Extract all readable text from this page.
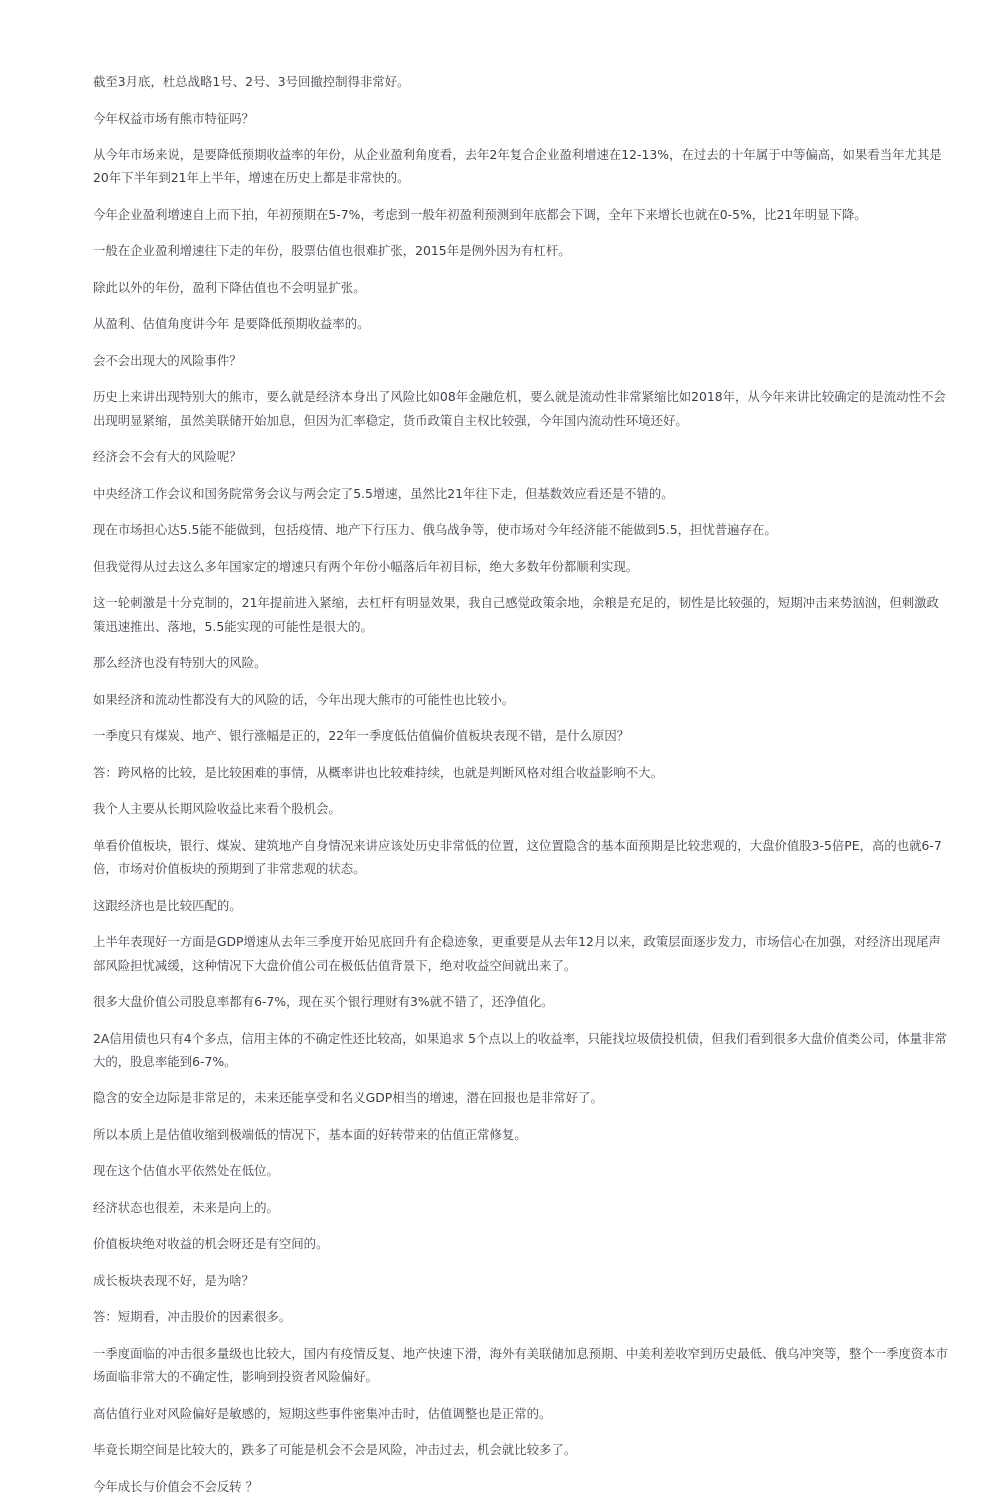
截至3月底，杜总战略1号、2号、3号回撤控制得非常好。

今年权益市场有熊市特征吗？

从今年市场来说，是要降低预期收益率的年份，从企业盈利角度看，去年2年复合企业盈利增速在12-13%，在过去的十年属于中等偏高，如果看当年尤其是20年下半年到21年上半年，增速在历史上都是非常快的。

今年企业盈利增速自上而下拍，年初预期在5-7%，考虑到一般年初盈利预测到年底都会下调，全年下来增长也就在0-5%，比21年明显下降。

一般在企业盈利增速往下走的年份，股票估值也很难扩张，2015年是例外因为有杠杆。

除此以外的年份，盈利下降估值也不会明显扩张。

从盈利、估值角度讲今年 是要降低预期收益率的。

会不会出现大的风险事件？

历史上来讲出现特别大的熊市，要么就是经济本身出了风险比如08年金融危机，要么就是流动性非常紧缩比如2018年，从今年来讲比较确定的是流动性不会出现明显紧缩，虽然美联储开始加息，但因为汇率稳定，货币政策自主权比较强，今年国内流动性环境还好。

经济会不会有大的风险呢？

中央经济工作会议和国务院常务会议与两会定了5.5增速，虽然比21年往下走，但基数效应看还是不错的。

现在市场担心达5.5能不能做到，包括疫情、地产下行压力、俄乌战争等，使市场对今年经济能不能做到5.5，担忧普遍存在。

但我觉得从过去这么多年国家定的增速只有两个年份小幅落后年初目标，绝大多数年份都顺利实现。

这一轮刺激是十分克制的，21年提前进入紧缩，去杠杆有明显效果，我自己感觉政策余地，余粮是充足的，韧性是比较强的，短期冲击来势汹汹，但刺激政策迅速推出、落地，5.5能实现的可能性是很大的。

那么经济也没有特别大的风险。

如果经济和流动性都没有大的风险的话，今年出现大熊市的可能性也比较小。

一季度只有煤炭、地产、银行涨幅是正的，22年一季度低估值偏价值板块表现不错，是什么原因？

答：跨风格的比较，是比较困难的事情，从概率讲也比较难持续，也就是判断风格对组合收益影响不大。

我个人主要从长期风险收益比来看个股机会。

单看价值板块，银行、煤炭、建筑地产自身情况来讲应该处历史非常低的位置，这位置隐含的基本面预期是比较悲观的，大盘价值股3-5倍PE，高的也就6-7倍，市场对价值板块的预期到了非常悲观的状态。

这跟经济也是比较匹配的。

上半年表现好一方面是GDP增速从去年三季度开始见底回升有企稳迹象，更重要是从去年12月以来，政策层面逐步发力，市场信心在加强，对经济出现尾声部风险担忧减缓，这种情况下大盘价值公司在极低估值背景下，绝对收益空间就出来了。

很多大盘价值公司股息率都有6-7%，现在买个银行理财有3%就不错了，还净值化。

2A信用债也只有4个多点，信用主体的不确定性还比较高，如果追求 5个点以上的收益率，只能找垃圾债投机债，但我们看到很多大盘价值类公司，体量非常大的，股息率能到6-7%。

隐含的安全边际是非常足的，未来还能享受和名义GDP相当的增速，潜在回报也是非常好了。

所以本质上是估值收缩到极端低的情况下，基本面的好转带来的估值正常修复。

现在这个估值水平依然处在低位。

经济状态也很差，未来是向上的。

价值板块绝对收益的机会呀还是有空间的。

成长板块表现不好，是为啥？

答：短期看，冲击股价的因素很多。

一季度面临的冲击很多量级也比较大，国内有疫情反复、地产快速下滑，海外有美联储加息预期、中美利差收窄到历史最低、俄乌冲突等，整个一季度资本市场面临非常大的不确定性，影响到投资者风险偏好。

高估值行业对风险偏好是敏感的，短期这些事件密集冲击时，估值调整也是正常的。

毕竟长期空间是比较大的，跌多了可能是机会不会是风险，冲击过去，机会就比较多了。

今年成长与价值会不会反转 ？
